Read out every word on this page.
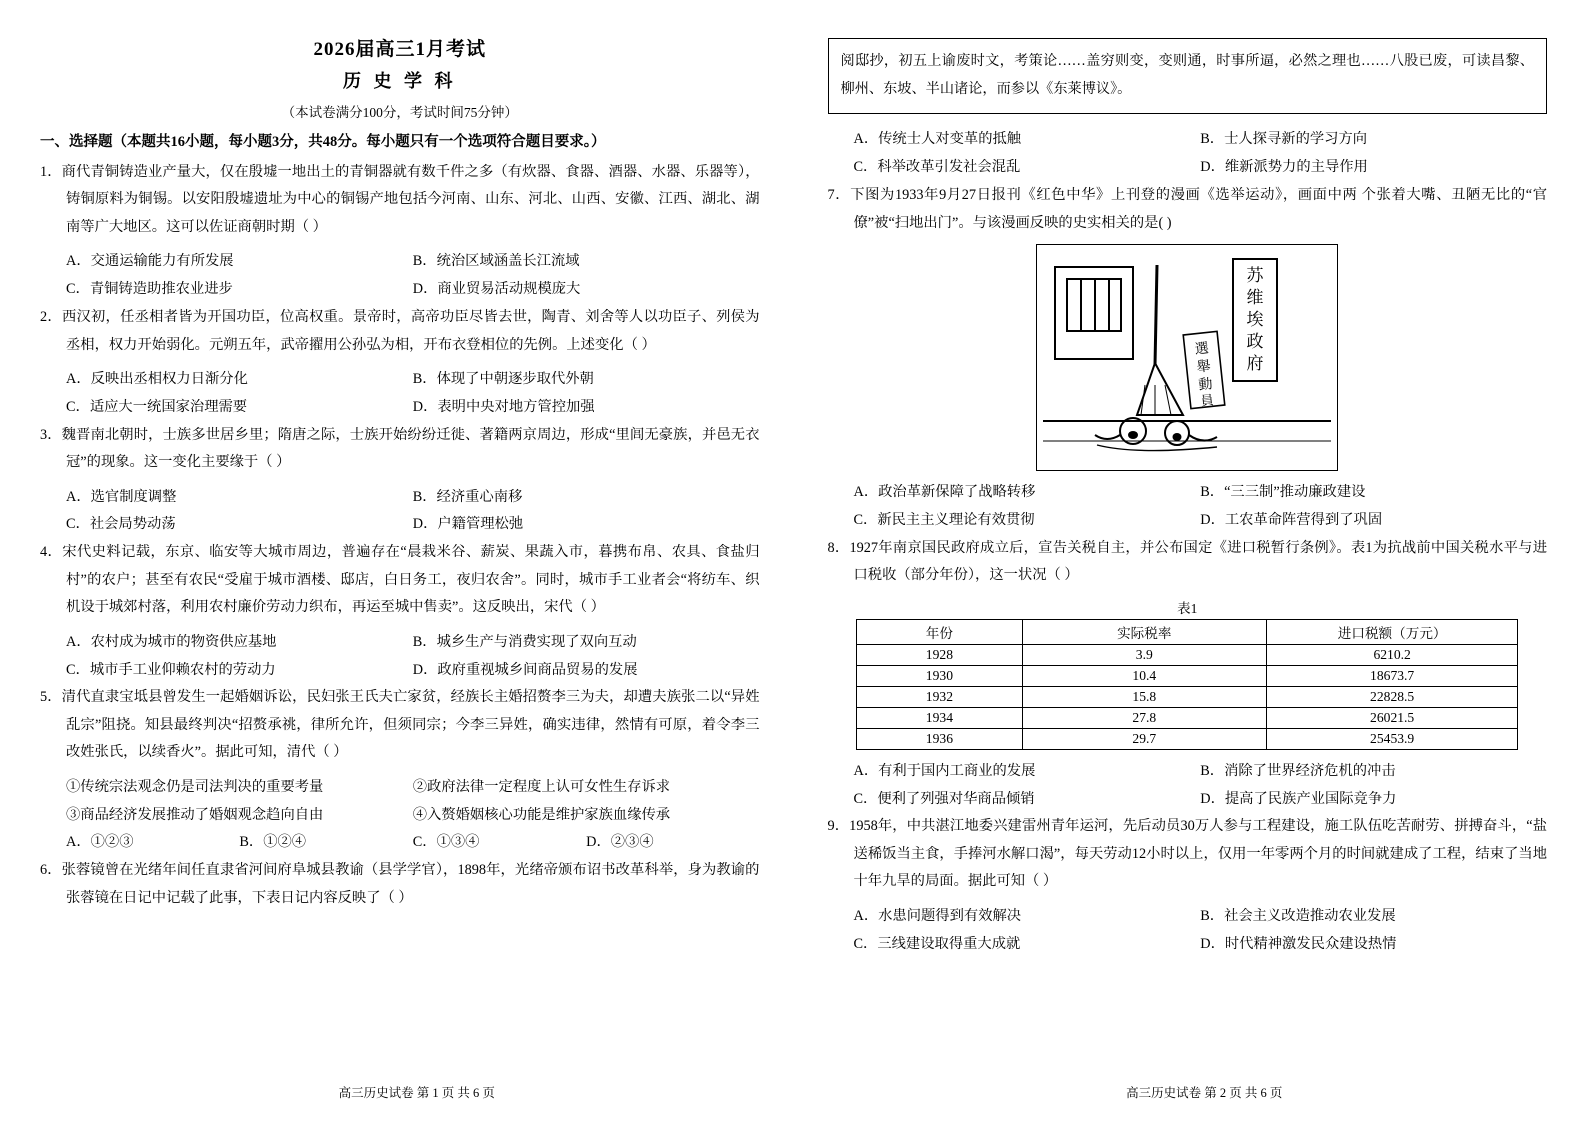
2026届高三1月考试
历 史 学 科
（本试卷满分100分，考试时间75分钟）
一、选择题（本题共16小题，每小题3分，共48分。每小题只有一个选项符合题目要求。）
1．商代青铜铸造业产量大，仅在殷墟一地出土的青铜器就有数千件之多（有炊器、食器、酒器、水器、乐器等），铸铜原料为铜锡。以安阳殷墟遗址为中心的铜锡产地包括今河南、山东、河北、山西、安徽、江西、湖北、湖南等广大地区。这可以佐证商朝时期（ ）
A．交通运输能力有所发展	B．统治区域涵盖长江流域
C．青铜铸造助推农业进步	D．商业贸易活动规模庞大
2．西汉初，任丞相者皆为开国功臣，位高权重。景帝时，高帝功臣尽皆去世，陶青、刘舍等人以功臣子、列侯为丞相，权力开始弱化。元朔五年，武帝擢用公孙弘为相，开布衣登相位的先例。上述变化（ ）
A．反映出丞相权力日渐分化	B．体现了中朝逐步取代外朝
C．适应大一统国家治理需要	D．表明中央对地方管控加强
3．魏晋南北朝时，士族多世居乡里；隋唐之际，士族开始纷纷迁徙、著籍两京周边，形成“里闾无豪族，并邑无衣冠”的现象。这一变化主要缘于（ ）
A．选官制度调整	B．经济重心南移
C．社会局势动荡	D．户籍管理松弛
4．宋代史料记载，东京、临安等大城市周边，普遍存在“晨栽米谷、薪炭、果蔬入市，暮携布帛、农具、食盐归村”的农户；甚至有农民“受雇于城市酒楼、邸店，白日务工，夜归农舍”。同时，城市手工业者会“将纺车、织机设于城郊村落，利用农村廉价劳动力织布，再运至城中售卖”。这反映出，宋代（ ）
A．农村成为城市的物资供应基地	B．城乡生产与消费实现了双向互动
C．城市手工业仰赖农村的劳动力	D．政府重视城乡间商品贸易的发展
5．清代直隶宝坻县曾发生一起婚姻诉讼，民妇张王氏夫亡家贫，经族长主婚招赘李三为夫，却遭夫族张二以“异姓乱宗”阻挠。知县最终判决“招赘承祧，律所允许，但须同宗；今李三异姓，确实违律，然情有可原，着令李三改姓张氏，以续香火”。据此可知，清代（ ）
①传统宗法观念仍是司法判决的重要考量	②政府法律一定程度上认可女性生存诉求
③商品经济发展推动了婚姻观念趋向自由	④入赘婚姻核心功能是维护家族血缘传承
A．①②③	B．①②④	C．①③④	D．②③④
6．张蓉镜曾在光绪年间任直隶省河间府阜城县教谕（县学学官），1898年，光绪帝颁布诏书改革科举，身为教谕的张蓉镜在日记中记载了此事，下表日记内容反映了（ ）
高三历史试卷 第 1 页 共 6 页
阅邸抄，初五上谕废时文，考策论……盖穷则变，变则通，时事所逼，必然之理也……八股已废，可读昌黎、柳州、东坡、半山诸论，而参以《东莱博议》。
A．传统士人对变革的抵触	B．士人探寻新的学习方向
C．科举改革引发社会混乱	D．维新派势力的主导作用
7．下图为1933年9月27日报刊《红色中华》上刊登的漫画《选举运动》，画面中两 个张着大嘴、丑陋无比的“官僚”被“扫地出门”。与该漫画反映的史实相关的是( )
苏
维
埃
政
府
選
舉
動
員
A．政治革新保障了战略转移	B．“三三制”推动廉政建设
C．新民主主义理论有效贯彻	D．工农革命阵营得到了巩固
8．1927年南京国民政府成立后，宣告关税自主，并公布国定《进口税暂行条例》。表1为抗战前中国关税水平与进口税收（部分年份），这一状况（ ）
表1
年份	实际税率	进口税额（万元）
1928	3.9	6210.2
1930	10.4	18673.7
1932	15.8	22828.5
1934	27.8	26021.5
1936	29.7	25453.9
A．有利于国内工商业的发展	B．消除了世界经济危机的冲击
C．便利了列强对华商品倾销	D．提高了民族产业国际竞争力
9．1958年，中共湛江地委兴建雷州青年运河，先后动员30万人参与工程建设，施工队伍吃苦耐劳、拼搏奋斗，“盐送稀饭当主食，手捧河水解口渴”，每天劳动12小时以上，仅用一年零两个月的时间就建成了工程，结束了当地十年九旱的局面。据此可知（ ）
A．水患问题得到有效解决	B．社会主义改造推动农业发展
C．三线建设取得重大成就	D．时代精神激发民众建设热情
高三历史试卷 第 2 页 共 6 页
